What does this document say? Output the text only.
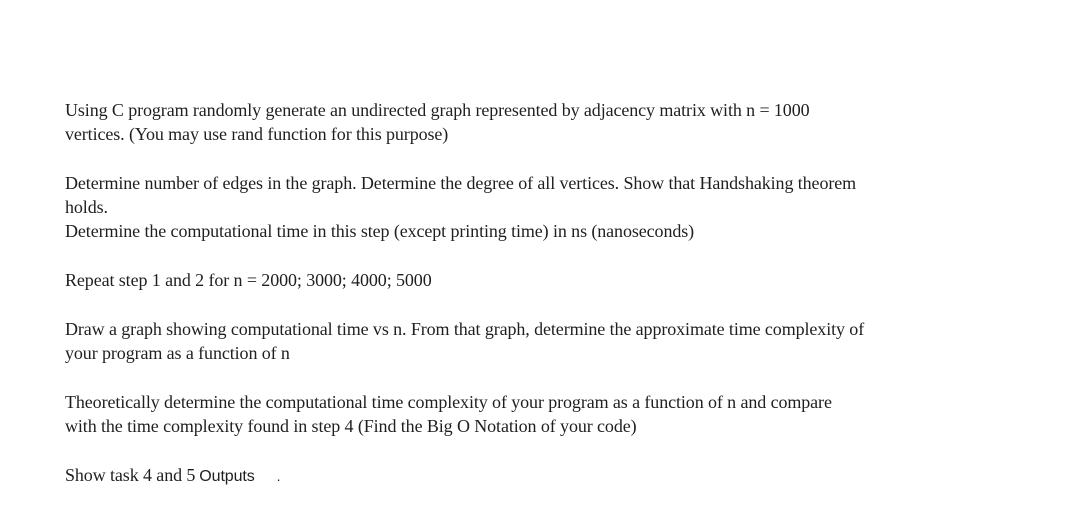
Using C program randomly generate an undirected graph represented by adjacency matrix with n = 1000

vertices. (You may use rand function for this purpose)

Determine number of edges in the graph. Determine the degree of all vertices. Show that Handshaking theorem

holds.

Determine the computational time in this step (except printing time) in ns (nanoseconds)

Repeat step 1 and 2 for n = 2000; 3000; 4000; 5000

Draw a graph showing computational time vs n. From that graph, determine the approximate time complexity of

your program as a function of n

Theoretically determine the computational time complexity of your program as a function of n and compare

with the time complexity found in step 4 (Find the Big O Notation of your code)

Show task 4 and 5 Outputs .
